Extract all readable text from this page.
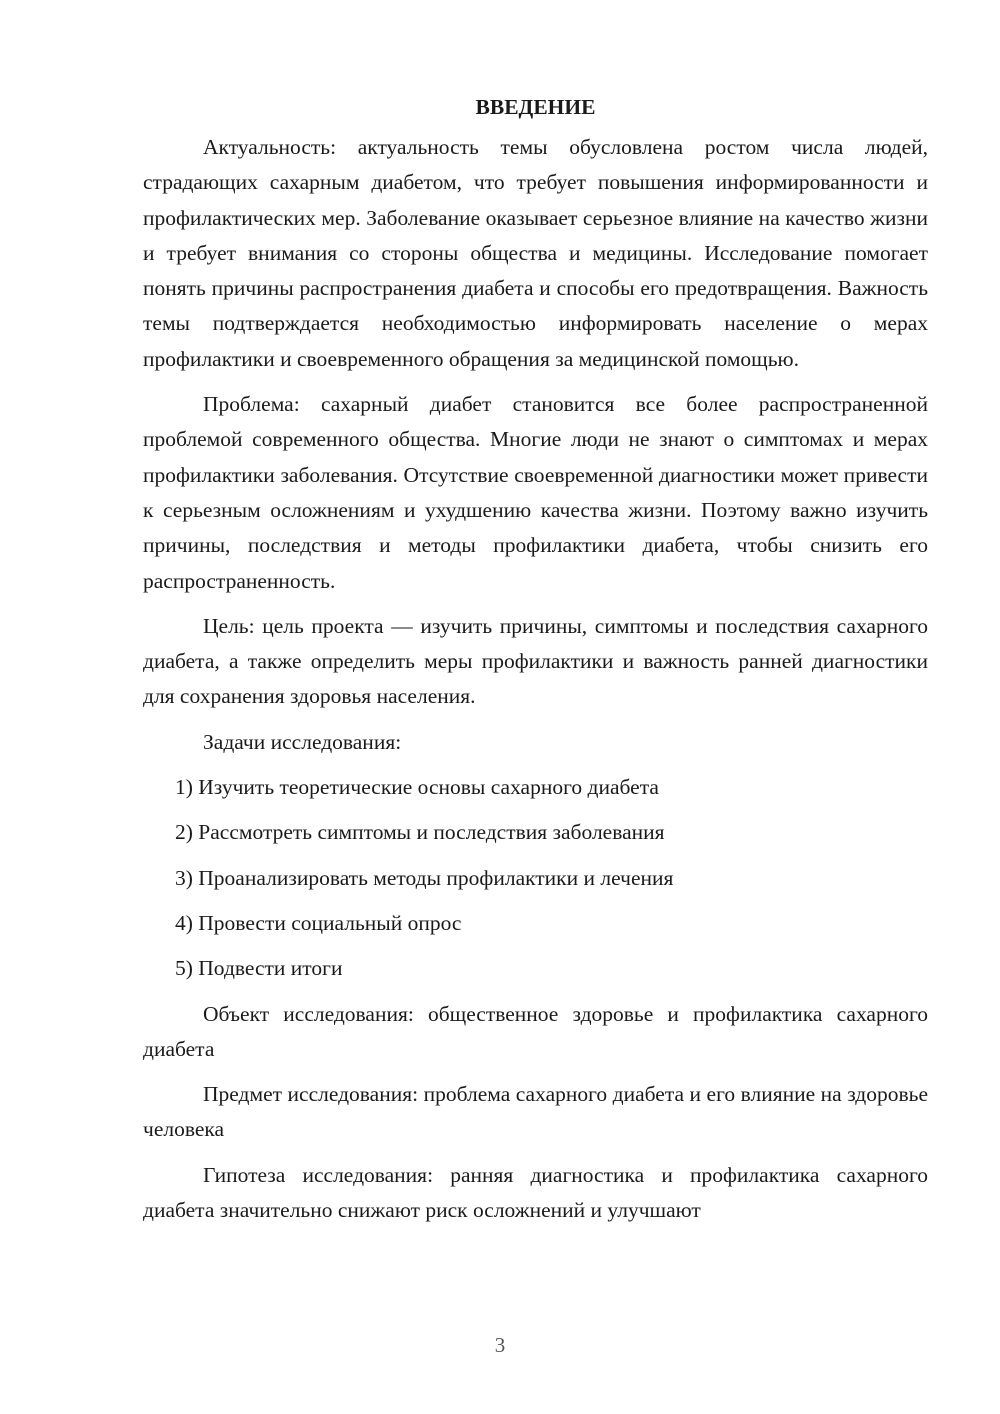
ВВЕДЕНИЕ

Актуальность: актуальность темы обусловлена ростом числа людей, страдающих сахарным диабетом, что требует повышения информированности и профилактических мер. Заболевание оказывает серьезное влияние на качество жизни и требует внимания со стороны общества и медицины. Исследование помогает понять причины распространения диабета и способы его предотвращения. Важность темы подтверждается необходимостью информировать население о мерах профилактики и своевременного обращения за медицинской помощью.

Проблема: сахарный диабет становится все более распространенной проблемой современного общества. Многие люди не знают о симптомах и мерах профилактики заболевания. Отсутствие своевременной диагностики может привести к серьезным осложнениям и ухудшению качества жизни. Поэтому важно изучить причины, последствия и методы профилактики диабета, чтобы снизить его распространенность.

Цель: цель проекта — изучить причины, симптомы и последствия сахарного диабета, а также определить меры профилактики и важность ранней диагностики для сохранения здоровья населения.

Задачи исследования:

1) Изучить теоретические основы сахарного диабета
2) Рассмотреть симптомы и последствия заболевания
3) Проанализировать методы профилактики и лечения
4) Провести социальный опрос
5) Подвести итоги

Объект исследования: общественное здоровье и профилактика сахарного диабета

Предмет исследования: проблема сахарного диабета и его влияние на здоровье человека

Гипотеза исследования: ранняя диагностика и профилактика сахарного диабета значительно снижают риск осложнений и улучшают

3
